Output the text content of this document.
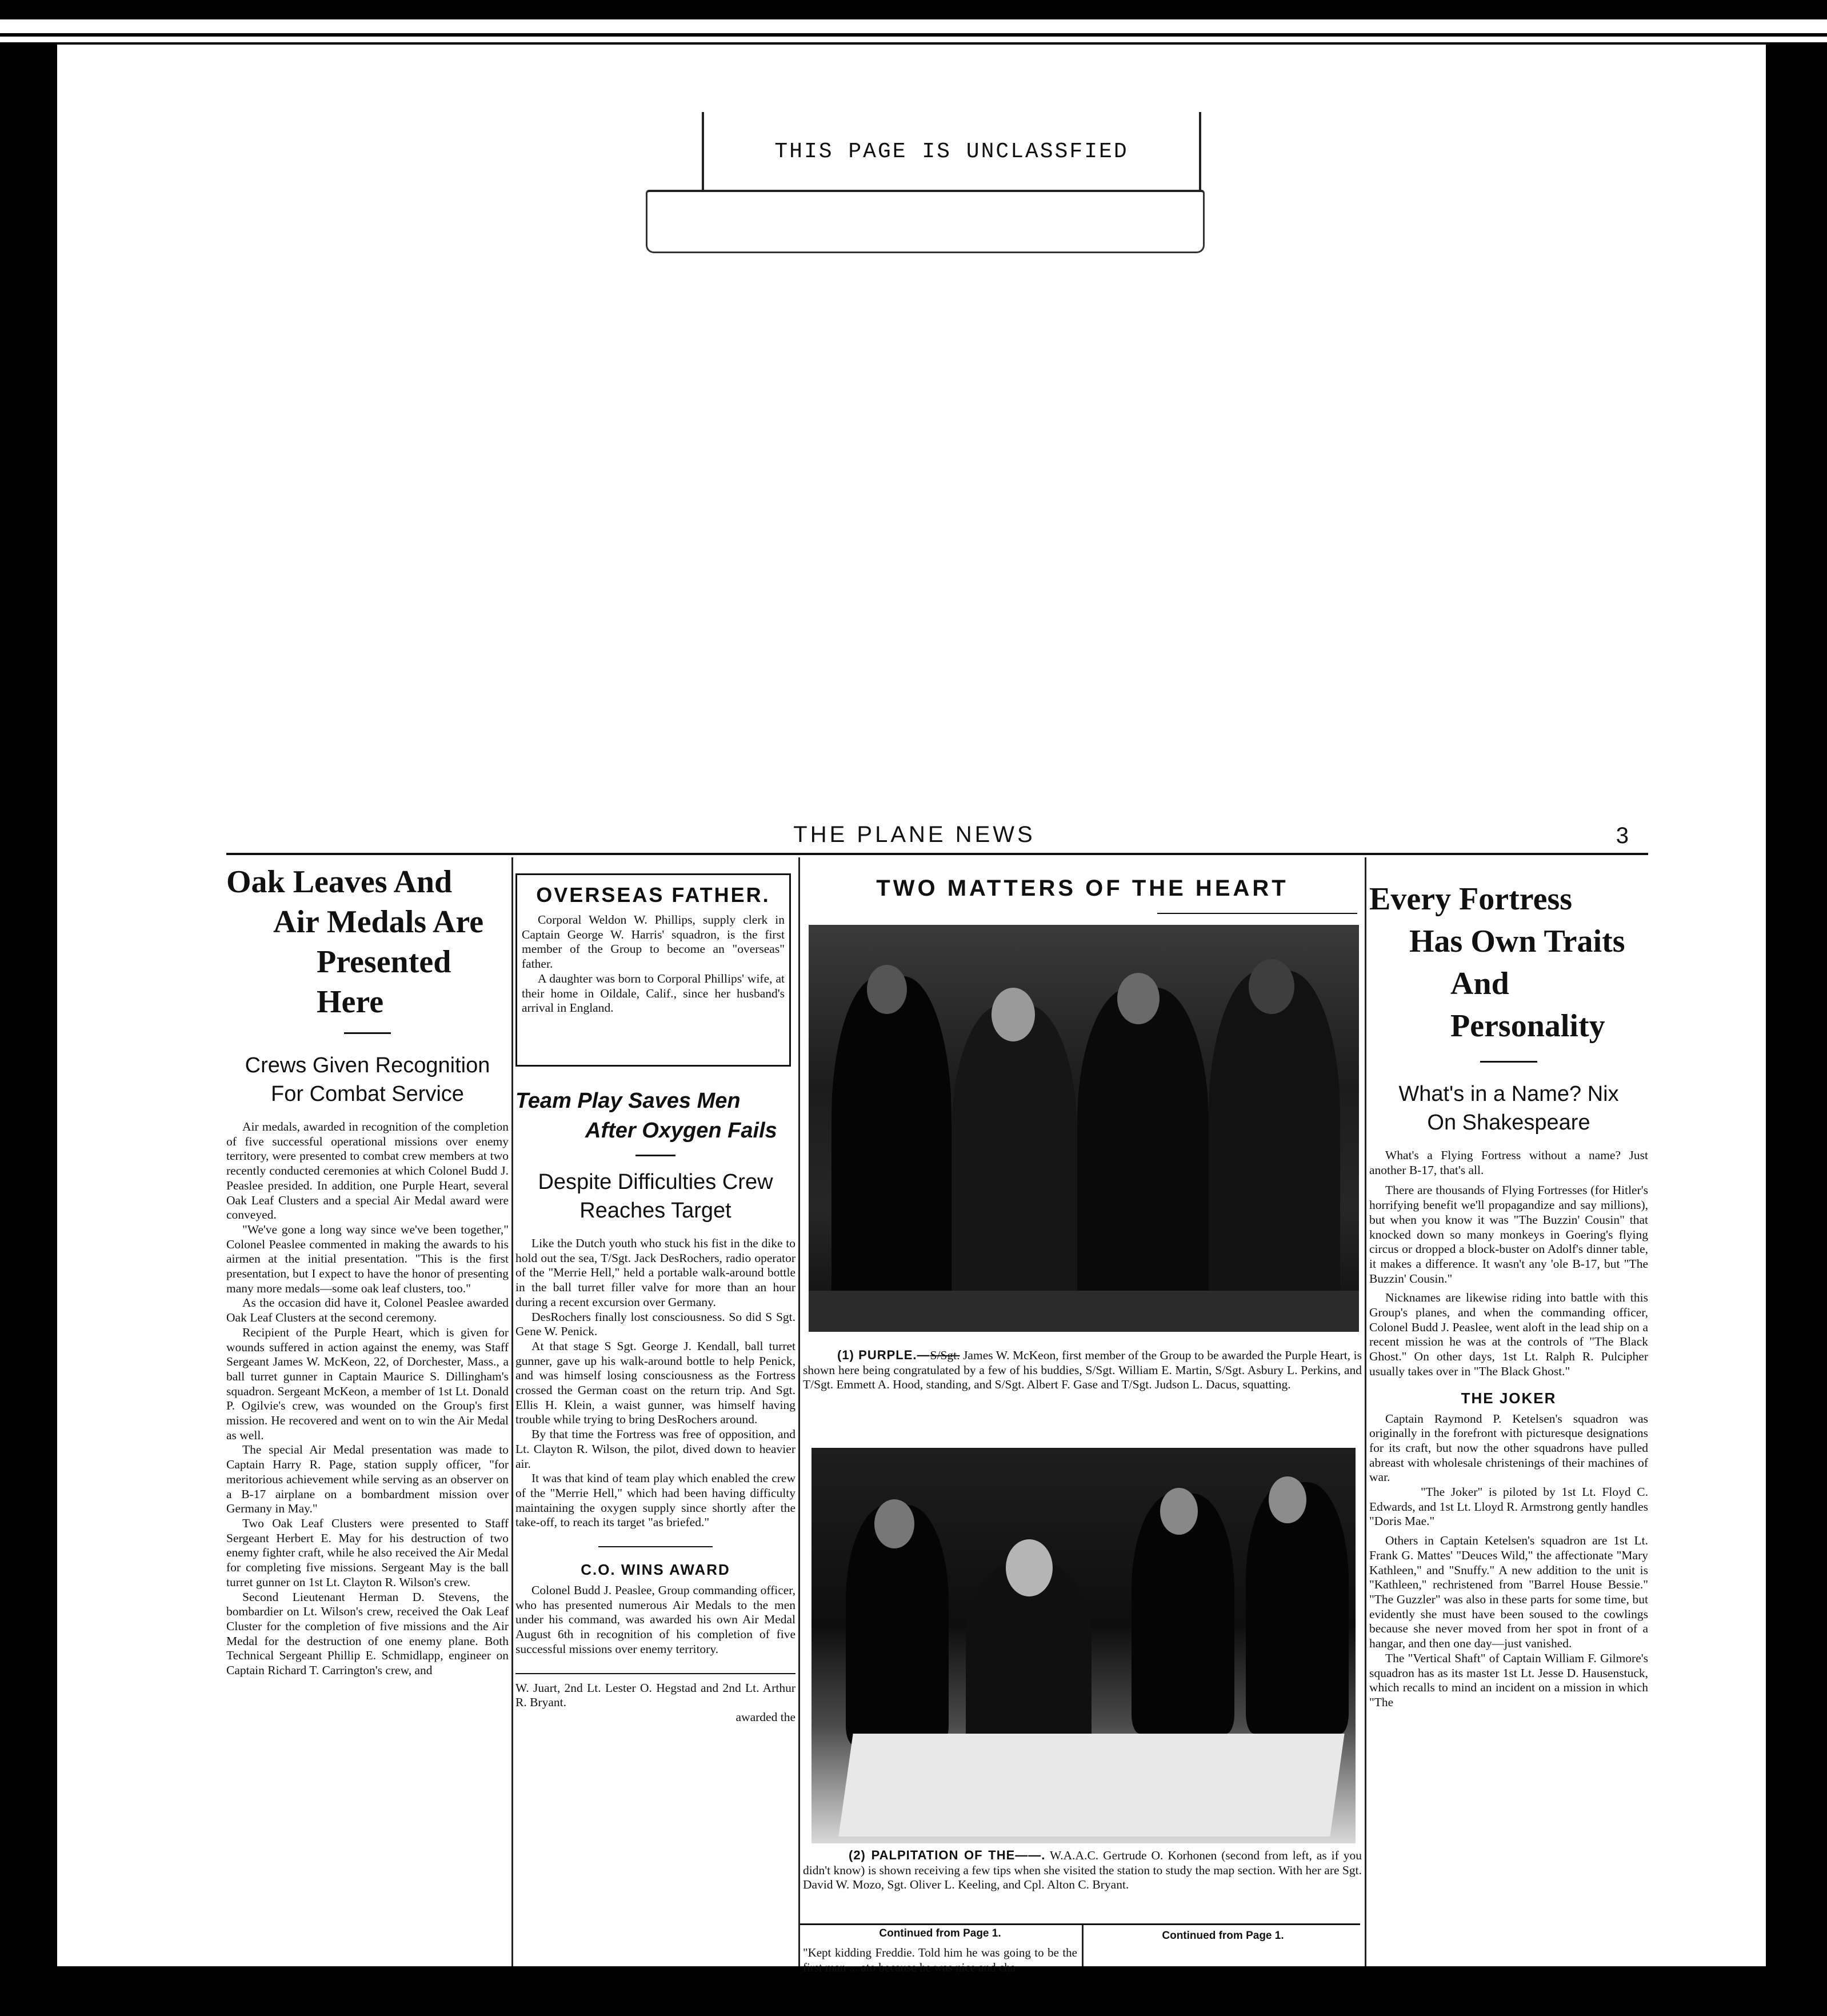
THIS PAGE IS UNCLASSFIED
THE PLANE NEWS	3
Oak Leaves And
Air Medals Are
Presented Here
Crews Given Recognition
For Combat Service

Air medals, awarded in recognition of the completion of five successful operational missions over enemy territory, were presented to combat crew members at two recently conducted ceremonies at which Colonel Budd J. Peaslee presided. In addition, one Purple Heart, several Oak Leaf Clusters and a special Air Medal award were conveyed.

"We've gone a long way since we've been together," Colonel Peaslee commented in making the awards to his airmen at the initial presentation. "This is the first presentation, but I expect to have the honor of presenting many more medals—some oak leaf clusters, too."

As the occasion did have it, Colonel Peaslee awarded Oak Leaf Clusters at the second ceremony.

Recipient of the Purple Heart, which is given for wounds suffered in action against the enemy, was Staff Sergeant James W. McKeon, 22, of Dorchester, Mass., a ball turret gunner in Captain Maurice S. Dillingham's squadron. Sergeant McKeon, a member of 1st Lt. Donald P. Ogilvie's crew, was wounded on the Group's first mission. He recovered and went on to win the Air Medal as well.

The special Air Medal presentation was made to Captain Harry R. Page, station supply officer, "for meritorious achievement while serving as an observer on a B-17 airplane on a bombardment mission over Germany in May."

Two Oak Leaf Clusters were presented to Staff Sergeant Herbert E. May for his destruction of two enemy fighter craft, while he also received the Air Medal for completing five missions. Sergeant May is the ball turret gunner on 1st Lt. Clayton R. Wilson's crew.

Second Lieutenant Herman D. Stevens, the bombardier on Lt. Wilson's crew, received the Oak Leaf Cluster for the completion of five missions and the Air Medal for the destruction of one enemy plane. Both Technical Sergeant Phillip E. Schmidlapp, engineer on Captain Richard T. Carrington's crew, and

OVERSEAS FATHER.

Corporal Weldon W. Phillips, supply clerk in Captain George W. Harris' squadron, is the first member of the Group to become an "overseas" father.

A daughter was born to Corporal Phillips' wife, at their home in Oildale, Calif., since her husband's arrival in England.

Team Play Saves Men
After Oxygen Fails
Despite Difficulties Crew
Reaches Target

Like the Dutch youth who stuck his fist in the dike to hold out the sea, T/Sgt. Jack DesRochers, radio operator of the "Merrie Hell," held a portable walk-around bottle in the ball turret filler valve for more than an hour during a recent excursion over Germany.

DesRochers finally lost consciousness. So did S Sgt. Gene W. Penick.

At that stage S Sgt. George J. Kendall, ball turret gunner, gave up his walk-around bottle to help Penick, and was himself losing consciousness as the Fortress crossed the German coast on the return trip. And Sgt. Ellis H. Klein, a waist gunner, was himself having trouble while trying to bring DesRochers around.

By that time the Fortress was free of opposition, and Lt. Clayton R. Wilson, the pilot, dived down to heavier air.

It was that kind of team play which enabled the crew of the "Merrie Hell," which had been having difficulty maintaining the oxygen supply since shortly after the take-off, to reach its target "as briefed."

C.O. WINS AWARD

Colonel Budd J. Peaslee, Group commanding officer, who has presented numerous Air Medals to the men under his command, was awarded his own Air Medal August 6th in recognition of his completion of five successful missions over enemy territory.

W. Juart, 2nd Lt. Lester O. Hegstad and 2nd Lt. Arthur R. Bryant.

awarded the

TWO MATTERS OF THE HEART

(1) PURPLE.—S/Sgt. James W. McKeon, first member of the Group to be awarded the Purple Heart, is shown here being congratulated by a few of his buddies, S/Sgt. William E. Martin, S/Sgt. Asbury L. Perkins, and T/Sgt. Emmett A. Hood, standing, and S/Sgt. Albert F. Gase and T/Sgt. Judson L. Dacus, squatting.

(2) PALPITATION OF THE——. W.A.A.C. Gertrude O. Korhonen (second from left, as if you didn't know) is shown receiving a few tips when she visited the station to study the map section. With her are Sgt. David W. Mozo, Sgt. Oliver L. Keeling, and Cpl. Alton C. Bryant.

Continued from Page 1.	Continued from Page 1.

"Kept kidding Freddie. Told him he was going to be the first man ... ato because he was nice and cha

Every Fortress
Has Own Traits
And Personality
What's in a Name? Nix
On Shakespeare

What's a Flying Fortress without a name? Just another B-17, that's all.

There are thousands of Flying Fortresses (for Hitler's horrifying benefit we'll propagandize and say millions), but when you know it was "The Buzzin' Cousin" that knocked down so many monkeys in Goering's flying circus or dropped a block-buster on Adolf's dinner table, it makes a difference. It wasn't any 'ole B-17, but "The Buzzin' Cousin."

Nicknames are likewise riding into battle with this Group's planes, and when the commanding officer, Colonel Budd J. Peaslee, went aloft in the lead ship on a recent mission he was at the controls of "The Black Ghost." On other days, 1st Lt. Ralph R. Pulcipher usually takes over in "The Black Ghost."

THE JOKER

Captain Raymond P. Ketelsen's squadron was originally in the forefront with picturesque designations for its craft, but now the other squadrons have pulled abreast with wholesale christenings of their machines of war.

"The Joker" is piloted by 1st Lt. Floyd C. Edwards, and 1st Lt. Lloyd R. Armstrong gently handles "Doris Mae."

Others in Captain Ketelsen's squadron are 1st Lt. Frank G. Mattes' "Deuces Wild," the affectionate "Mary Kathleen," and "Snuffy." A new addition to the unit is "Kathleen," rechristened from "Barrel House Bessie." "The Guzzler" was also in these parts for some time, but evidently she must have been soused to the cowlings because she never moved from her spot in front of a hangar, and then one day—just vanished.

The "Vertical Shaft" of Captain William F. Gilmore's squadron has as its master 1st Lt. Jesse D. Hausenstuck, which recalls to mind an incident on a mission in which "The
